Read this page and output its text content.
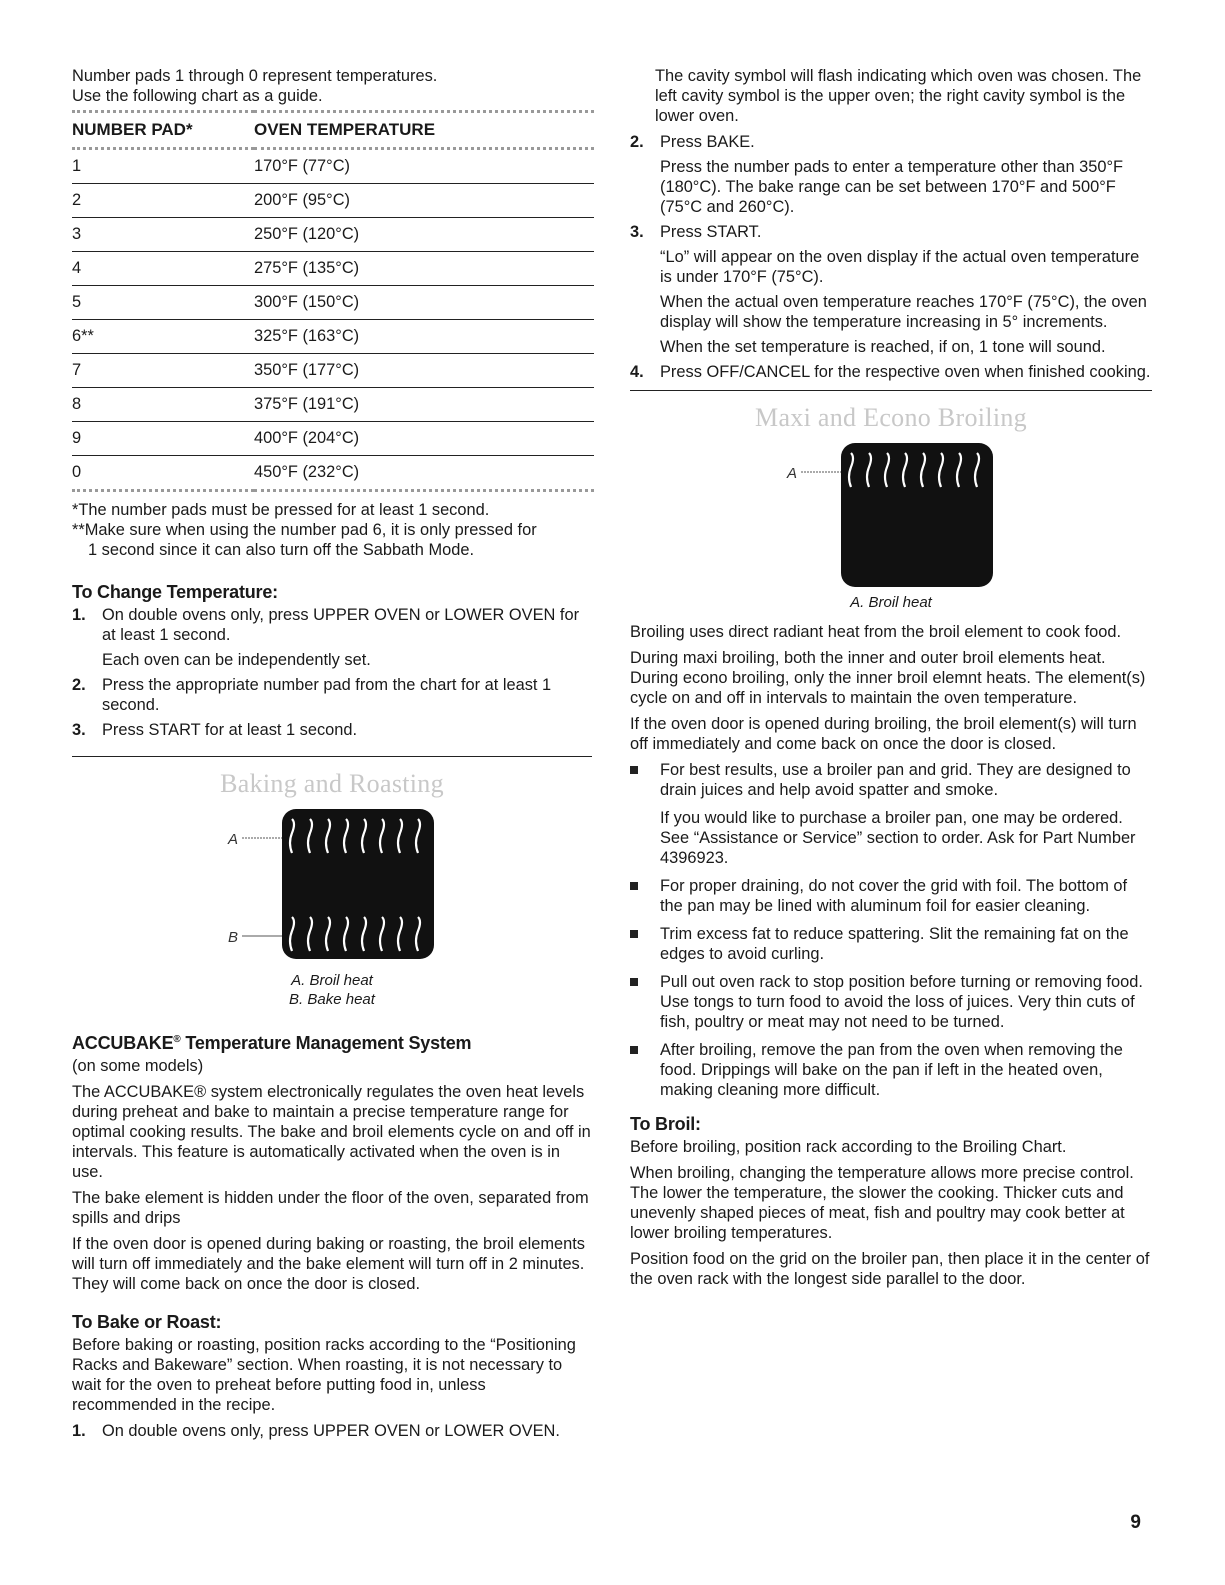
Number pads 1 through 0 represent temperatures.

Use the following chart as a guide.

NUMBER PAD*	OVEN TEMPERATURE
1	170°F (77°C)
2	200°F (95°C)
3	250°F (120°C)
4	275°F (135°C)
5	300°F (150°C)
6**	325°F (163°C)
7	350°F (177°C)
8	375°F (191°C)
9	400°F (204°C)
0	450°F (232°C)

*The number pads must be pressed for at least 1 second.

**Make sure when using the number pad 6, it is only pressed for

1 second since it can also turn off the Sabbath Mode.

To Change Temperature:
1. On double ovens only, press UPPER OVEN or LOWER OVEN for at least 1 second.

Each oven can be independently set.

2. Press the appropriate number pad from the chart for at least 1 second.

3. Press START for at least 1 second.

Baking and Roasting
A
B
A. Broil heat
B. Bake heat
ACCUBAKE® Temperature Management System

(on some models)

The ACCUBAKE® system electronically regulates the oven heat levels during preheat and bake to maintain a precise temperature range for optimal cooking results. The bake and broil elements cycle on and off in intervals. This feature is automatically activated when the oven is in use.

The bake element is hidden under the floor of the oven, separated from spills and drips

If the oven door is opened during baking or roasting, the broil elements will turn off immediately and the bake element will turn off in 2 minutes. They will come back on once the door is closed.

To Bake or Roast:

Before baking or roasting, position racks according to the “Positioning Racks and Bakeware” section. When roasting, it is not necessary to wait for the oven to preheat before putting food in, unless recommended in the recipe.

1. On double ovens only, press UPPER OVEN or LOWER OVEN.

The cavity symbol will flash indicating which oven was chosen. The left cavity symbol is the upper oven; the right cavity symbol is the lower oven.

2. Press BAKE.

Press the number pads to enter a temperature other than 350°F (180°C). The bake range can be set between 170°F and 500°F (75°C and 260°C).

3. Press START.

“Lo” will appear on the oven display if the actual oven temperature is under 170°F (75°C).

When the actual oven temperature reaches 170°F (75°C), the oven display will show the temperature increasing in 5° increments.

When the set temperature is reached, if on, 1 tone will sound.

4. Press OFF/CANCEL for the respective oven when finished cooking.

Maxi and Econo Broiling
A
A. Broil heat

Broiling uses direct radiant heat from the broil element to cook food.

During maxi broiling, both the inner and outer broil elements heat. During econo broiling, only the inner broil elemnt heats. The element(s) cycle on and off in intervals to maintain the oven temperature.

If the oven door is opened during broiling, the broil element(s) will turn off immediately and come back on once the door is closed.

For best results, use a broiler pan and grid. They are designed to drain juices and help avoid spatter and smoke.

If you would like to purchase a broiler pan, one may be ordered. See “Assistance or Service” section to order. Ask for Part Number 4396923.

For proper draining, do not cover the grid with foil. The bottom of the pan may be lined with aluminum foil for easier cleaning.

Trim excess fat to reduce spattering. Slit the remaining fat on the edges to avoid curling.

Pull out oven rack to stop position before turning or removing food. Use tongs to turn food to avoid the loss of juices. Very thin cuts of fish, poultry or meat may not need to be turned.

After broiling, remove the pan from the oven when removing the food. Drippings will bake on the pan if left in the heated oven, making cleaning more difficult.

To Broil:

Before broiling, position rack according to the Broiling Chart.

When broiling, changing the temperature allows more precise control. The lower the temperature, the slower the cooking. Thicker cuts and unevenly shaped pieces of meat, fish and poultry may cook better at lower broiling temperatures.

Position food on the grid on the broiler pan, then place it in the center of the oven rack with the longest side parallel to the door.

9
